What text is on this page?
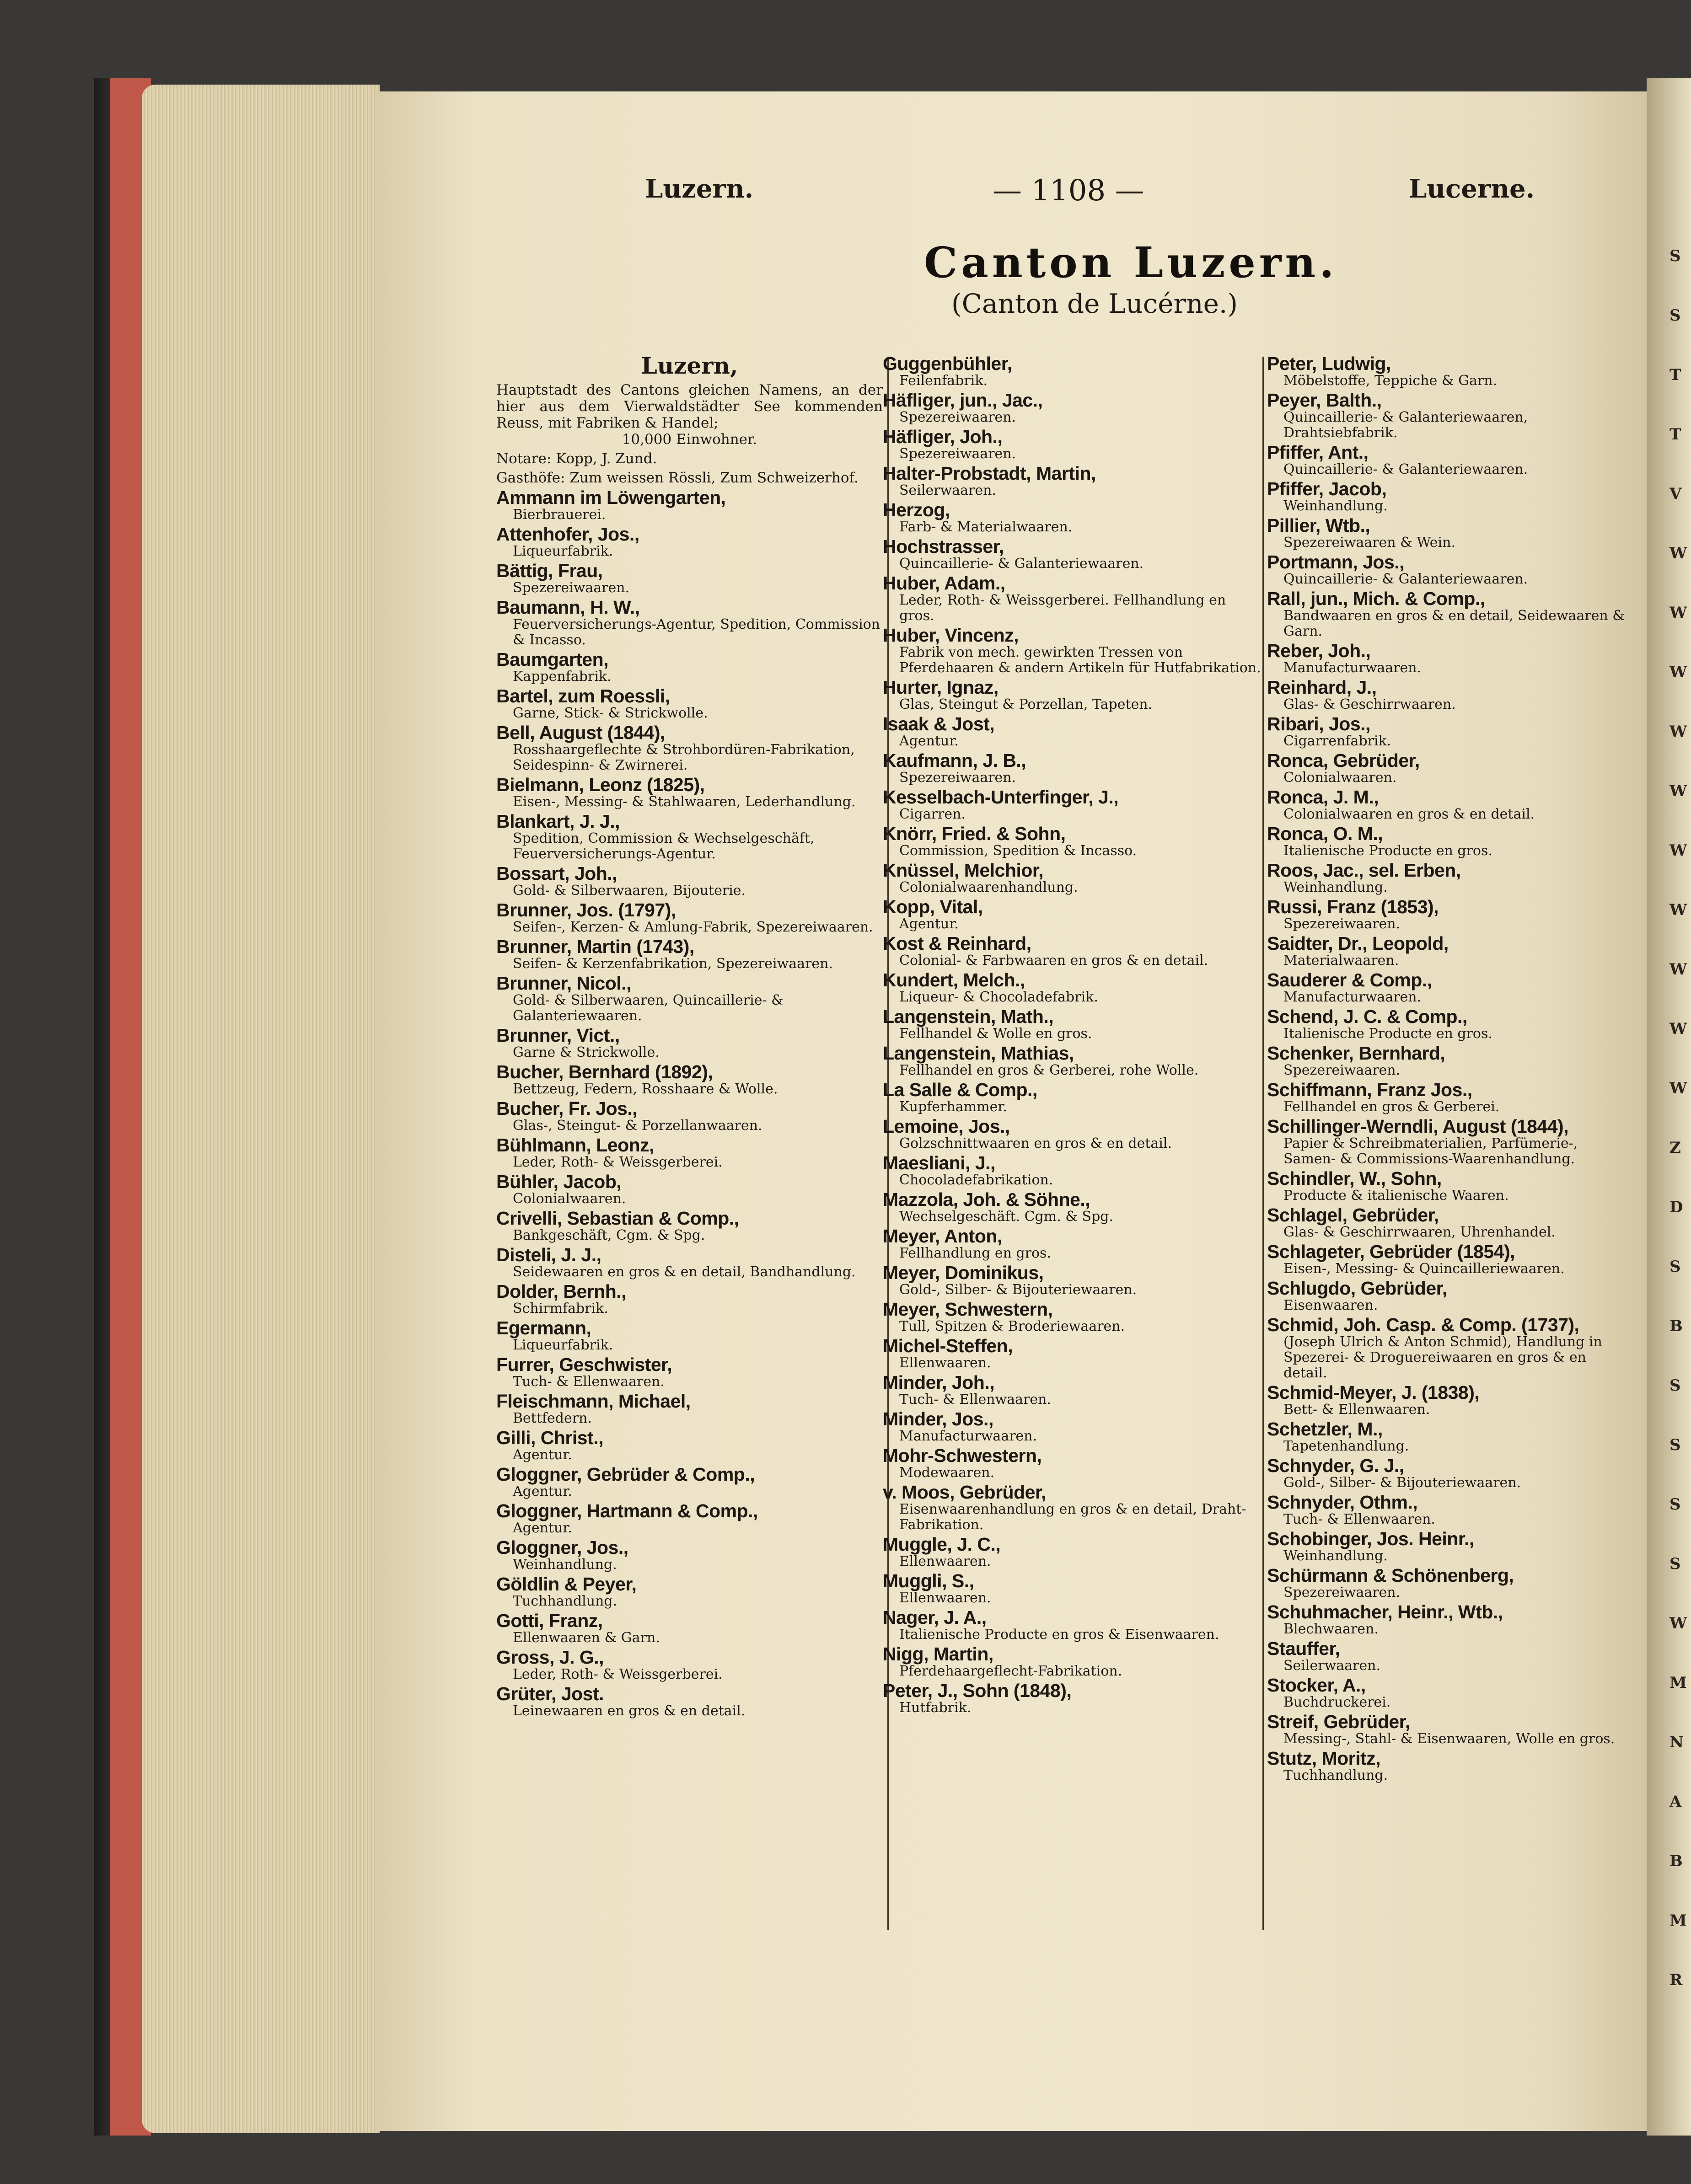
S
S
T
T
V
W
W
W
W
W
W
W
W
W
W
Z
D
S
B
S
S
S
S
W
M
N
A
B
M
R
Luzern.	— 1108 —	Lucerne.
Canton Luzern.
(Canton de Lucérne.)
Luzern,
Hauptstadt des Cantons gleichen Namens, an der hier aus dem Vierwaldstädter See kommenden Reuss, mit Fabriken & Handel;
10,000 Einwohner.
Notare: Kopp, J. Zund.
Gasthöfe: Zum weissen Rössli, Zum Schweizerhof.
Ammann im Löwengarten,
Bierbrauerei.
Attenhofer, Jos.,
Liqueurfabrik.
Bättig, Frau,
Spezereiwaaren.
Baumann, H. W.,
Feuerversicherungs-Agentur, Spedition, Commission & Incasso.
Baumgarten,
Kappenfabrik.
Bartel, zum Roessli,
Garne, Stick- & Strickwolle.
Bell, August (1844),
Rosshaargeflechte & Strohbordüren-Fabrikation, Seidespinn- & Zwirnerei.
Bielmann, Leonz (1825),
Eisen-, Messing- & Stahlwaaren, Lederhandlung.
Blankart, J. J.,
Spedition, Commission & Wechselgeschäft, Feuerversicherungs-Agentur.
Bossart, Joh.,
Gold- & Silberwaaren, Bijouterie.
Brunner, Jos. (1797),
Seifen-, Kerzen- & Amlung-Fabrik, Spezereiwaaren.
Brunner, Martin (1743),
Seifen- & Kerzenfabrikation, Spezereiwaaren.
Brunner, Nicol.,
Gold- & Silberwaaren, Quincaillerie- & Galanteriewaaren.
Brunner, Vict.,
Garne & Strickwolle.
Bucher, Bernhard (1892),
Bettzeug, Federn, Rosshaare & Wolle.
Bucher, Fr. Jos.,
Glas-, Steingut- & Porzellanwaaren.
Bühlmann, Leonz,
Leder, Roth- & Weissgerberei.
Bühler, Jacob,
Colonialwaaren.
Crivelli, Sebastian & Comp.,
Bankgeschäft, Cgm. & Spg.
Disteli, J. J.,
Seidewaaren en gros & en detail, Bandhandlung.
Dolder, Bernh.,
Schirmfabrik.
Egermann,
Liqueurfabrik.
Furrer, Geschwister,
Tuch- & Ellenwaaren.
Fleischmann, Michael,
Bettfedern.
Gilli, Christ.,
Agentur.
Gloggner, Gebrüder & Comp.,
Agentur.
Gloggner, Hartmann & Comp.,
Agentur.
Gloggner, Jos.,
Weinhandlung.
Göldlin & Peyer,
Tuchhandlung.
Gotti, Franz,
Ellenwaaren & Garn.
Gross, J. G.,
Leder, Roth- & Weissgerberei.
Grüter, Jost.
Leinewaaren en gros & en detail.
Guggenbühler,
Feilenfabrik.
Häfliger, jun., Jac.,
Spezereiwaaren.
Häfliger, Joh.,
Spezereiwaaren.
Halter-Probstadt, Martin,
Seilerwaaren.
Herzog,
Farb- & Materialwaaren.
Hochstrasser,
Quincaillerie- & Galanteriewaaren.
Huber, Adam.,
Leder, Roth- & Weissgerberei. Fellhandlung en gros.
Huber, Vincenz,
Fabrik von mech. gewirkten Tressen von Pferdehaaren & andern Artikeln für Hutfabrikation.
Hurter, Ignaz,
Glas, Steingut & Porzellan, Tapeten.
Isaak & Jost,
Agentur.
Kaufmann, J. B.,
Spezereiwaaren.
Kesselbach-Unterfinger, J.,
Cigarren.
Knörr, Fried. & Sohn,
Commission, Spedition & Incasso.
Knüssel, Melchior,
Colonialwaarenhandlung.
Kopp, Vital,
Agentur.
Kost & Reinhard,
Colonial- & Farbwaaren en gros & en detail.
Kundert, Melch.,
Liqueur- & Chocoladefabrik.
Langenstein, Math.,
Fellhandel & Wolle en gros.
Langenstein, Mathias,
Fellhandel en gros & Gerberei, rohe Wolle.
La Salle & Comp.,
Kupferhammer.
Lemoine, Jos.,
Golzschnittwaaren en gros & en detail.
Maesliani, J.,
Chocoladefabrikation.
Mazzola, Joh. & Söhne.,
Wechselgeschäft. Cgm. & Spg.
Meyer, Anton,
Fellhandlung en gros.
Meyer, Dominikus,
Gold-, Silber- & Bijouteriewaaren.
Meyer, Schwestern,
Tull, Spitzen & Broderiewaaren.
Michel-Steffen,
Ellenwaaren.
Minder, Joh.,
Tuch- & Ellenwaaren.
Minder, Jos.,
Manufacturwaaren.
Mohr-Schwestern,
Modewaaren.
v. Moos, Gebrüder,
Eisenwaarenhandlung en gros & en detail, Draht-Fabrikation.
Muggle, J. C.,
Ellenwaaren.
Muggli, S.,
Ellenwaaren.
Nager, J. A.,
Italienische Producte en gros & Eisenwaaren.
Nigg, Martin,
Pferdehaargeflecht-Fabrikation.
Peter, J., Sohn (1848),
Hutfabrik.
Peter, Ludwig,
Möbelstoffe, Teppiche & Garn.
Peyer, Balth.,
Quincaillerie- & Galanteriewaaren, Drahtsiebfabrik.
Pfiffer, Ant.,
Quincaillerie- & Galanteriewaaren.
Pfiffer, Jacob,
Weinhandlung.
Pillier, Wtb.,
Spezereiwaaren & Wein.
Portmann, Jos.,
Quincaillerie- & Galanteriewaaren.
Rall, jun., Mich. & Comp.,
Bandwaaren en gros & en detail, Seidewaaren & Garn.
Reber, Joh.,
Manufacturwaaren.
Reinhard, J.,
Glas- & Geschirrwaaren.
Ribari, Jos.,
Cigarrenfabrik.
Ronca, Gebrüder,
Colonialwaaren.
Ronca, J. M.,
Colonialwaaren en gros & en detail.
Ronca, O. M.,
Italienische Producte en gros.
Roos, Jac., sel. Erben,
Weinhandlung.
Russi, Franz (1853),
Spezereiwaaren.
Saidter, Dr., Leopold,
Materialwaaren.
Sauderer & Comp.,
Manufacturwaaren.
Schend, J. C. & Comp.,
Italienische Producte en gros.
Schenker, Bernhard,
Spezereiwaaren.
Schiffmann, Franz Jos.,
Fellhandel en gros & Gerberei.
Schillinger-Werndli, August (1844),
Papier & Schreibmaterialien, Parfümerie-, Samen- & Commissions-Waarenhandlung.
Schindler, W., Sohn,
Producte & italienische Waaren.
Schlagel, Gebrüder,
Glas- & Geschirrwaaren, Uhrenhandel.
Schlageter, Gebrüder (1854),
Eisen-, Messing- & Quincailleriewaaren.
Schlugdo, Gebrüder,
Eisenwaaren.
Schmid, Joh. Casp. & Comp. (1737),
(Joseph Ulrich & Anton Schmid), Handlung in Spezerei- & Droguereiwaaren en gros & en detail.
Schmid-Meyer, J. (1838),
Bett- & Ellenwaaren.
Schetzler, M.,
Tapetenhandlung.
Schnyder, G. J.,
Gold-, Silber- & Bijouteriewaaren.
Schnyder, Othm.,
Tuch- & Ellenwaaren.
Schobinger, Jos. Heinr.,
Weinhandlung.
Schürmann & Schönenberg,
Spezereiwaaren.
Schuhmacher, Heinr., Wtb.,
Blechwaaren.
Stauffer,
Seilerwaaren.
Stocker, A.,
Buchdruckerei.
Streif, Gebrüder,
Messing-, Stahl- & Eisenwaaren, Wolle en gros.
Stutz, Moritz,
Tuchhandlung.
